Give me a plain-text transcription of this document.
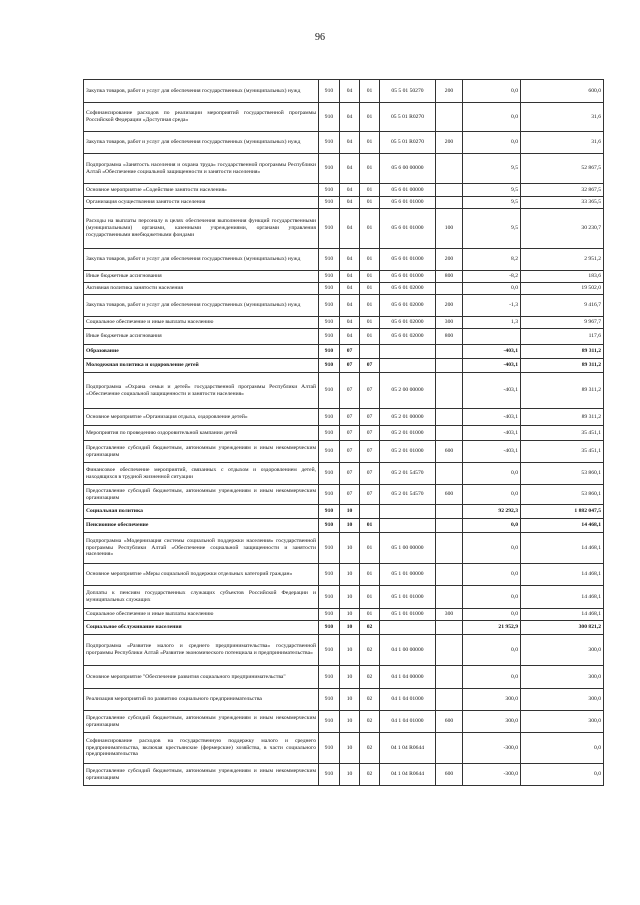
96
Закупка товаров, работ и услуг для обеспечения государственных (муниципальных) нужд	910	04	01	05 5 01 50270	200	0,0	600,0
Софинансирование расходов по реализации мероприятий государственной программы Российской Федерации «Доступная среда»	910	04	01	05 5 01 R0270		0,0	31,6
Закупка товаров, работ и услуг для обеспечения государственных (муниципальных) нужд	910	04	01	05 5 01 R0270	200	0,0	31,6
Подпрограмма «Занятость населения и охрана труда» государственной программы Республики Алтай «Обеспечение социальной защищенности и занятости населения»	910	04	01	05 6 00 00000		9,5	52 867,5
Основное мероприятие «Содействие занятости населения»	910	04	01	05 6 01 00000		9,5	32 867,5
Организация осуществления занятости населения	910	04	01	05 6 01 01000		9,5	33 365,5
Расходы на выплаты персоналу в целях обеспечения выполнения функций государственными (муниципальными) органами, казенными учреждениями, органами управления государственными внебюджетными фондами	910	04	01	05 6 01 01000	100	9,5	30 230,7
Закупка товаров, работ и услуг для обеспечения государственных (муниципальных) нужд	910	04	01	05 6 01 01000	200	8,2	2 951,2
Иные бюджетные ассигнования	910	04	01	05 6 01 01000	800	-8,2	183,6
Активная политика занятости населения	910	04	01	05 6 01 02000		0,0	19 502,0
Закупка товаров, работ и услуг для обеспечения государственных (муниципальных) нужд	910	04	01	05 6 01 02000	200	-1,3	9 416,7
Социальное обеспечение и иные выплаты населению	910	04	01	05 6 01 02000	300	1,3	9 967,7
Иные бюджетные ассигнования	910	04	01	05 6 01 02000	800		117,6
Образование	910	07				-403,1	89 311,2
Молодежная политика и оздоровление детей	910	07	07			-403,1	89 311,2
Подпрограмма «Охрана семьи и детей» государственной программы Республики Алтай «Обеспечение социальной защищенности и занятости населения»	910	07	07	05 2 00 00000		-403,1	89 311,2
Основное мероприятие «Организация отдыха, оздоровление детей»	910	07	07	05 2 01 00000		-403,1	89 311,2
Мероприятия по проведению оздоровительной кампании детей	910	07	07	05 2 01 01000		-403,1	35 451,1
Предоставление субсидий бюджетным, автономным учреждениям и иным некоммерческим организациям	910	07	07	05 2 01 01000	600	-403,1	35 451,1
Финансовое обеспечение мероприятий, связанных с отдыхом и оздоровлением детей, находящихся в трудной жизненной ситуации	910	07	07	05 2 01 54570		0,0	53 860,1
Предоставление субсидий бюджетным, автономным учреждениям и иным некоммерческим организациям	910	07	07	05 2 01 54570	600	0,0	53 860,1
Социальная политика	910	10				92 292,3	1 882 047,5
Пенсионное обеспечение	910	10	01			0,0	14 468,1
Подпрограмма «Модернизация системы социальной поддержки населения» государственной программы Республики Алтай «Обеспечение социальной защищенности и занятости населения»	910	10	01	05 1 00 00000		0,0	14 468,1
Основное мероприятие «Меры социальной поддержки отдельных категорий граждан»	910	10	01	05 1 01 00000		0,0	14 468,1
Доплаты к пенсиям государственных служащих субъектов Российской Федерации и муниципальных служащих	910	10	01	05 1 01 01000		0,0	14 468,1
Социальное обеспечение и иные выплаты населению	910	10	01	05 1 01 01000	300	0,0	14 468,1
Социальное обслуживание населения	910	10	02			21 952,9	300 821,2
Подпрограмма «Развитие малого и среднего предпринимательства» государственной программы Республики Алтай «Развитие экономического потенциала и предпринимательства»	910	10	02	04 1 00 00000		0,0	300,0
Основное мероприятие "Обеспечение развития социального предпринимательства"	910	10	02	04 1 04 00000		0,0	300,0
Реализация мероприятий по развитию социального предпринимательства	910	10	02	04 1 04 01000		300,0	300,0
Предоставление субсидий бюджетным, автономным учреждениям и иным некоммерческим организациям	910	10	02	04 1 04 01000	600	300,0	300,0
Софинансирование расходов на государственную поддержку малого и среднего предпринимательства, включая крестьянские (фермерские) хозяйства, в части социального предпринимательства	910	10	02	04 1 04 R0644		-300,0	0,0
Предоставление субсидий бюджетным, автономным учреждениям и иным некоммерческим организациям	910	10	02	04 1 04 R0644	600	-300,0	0,0
